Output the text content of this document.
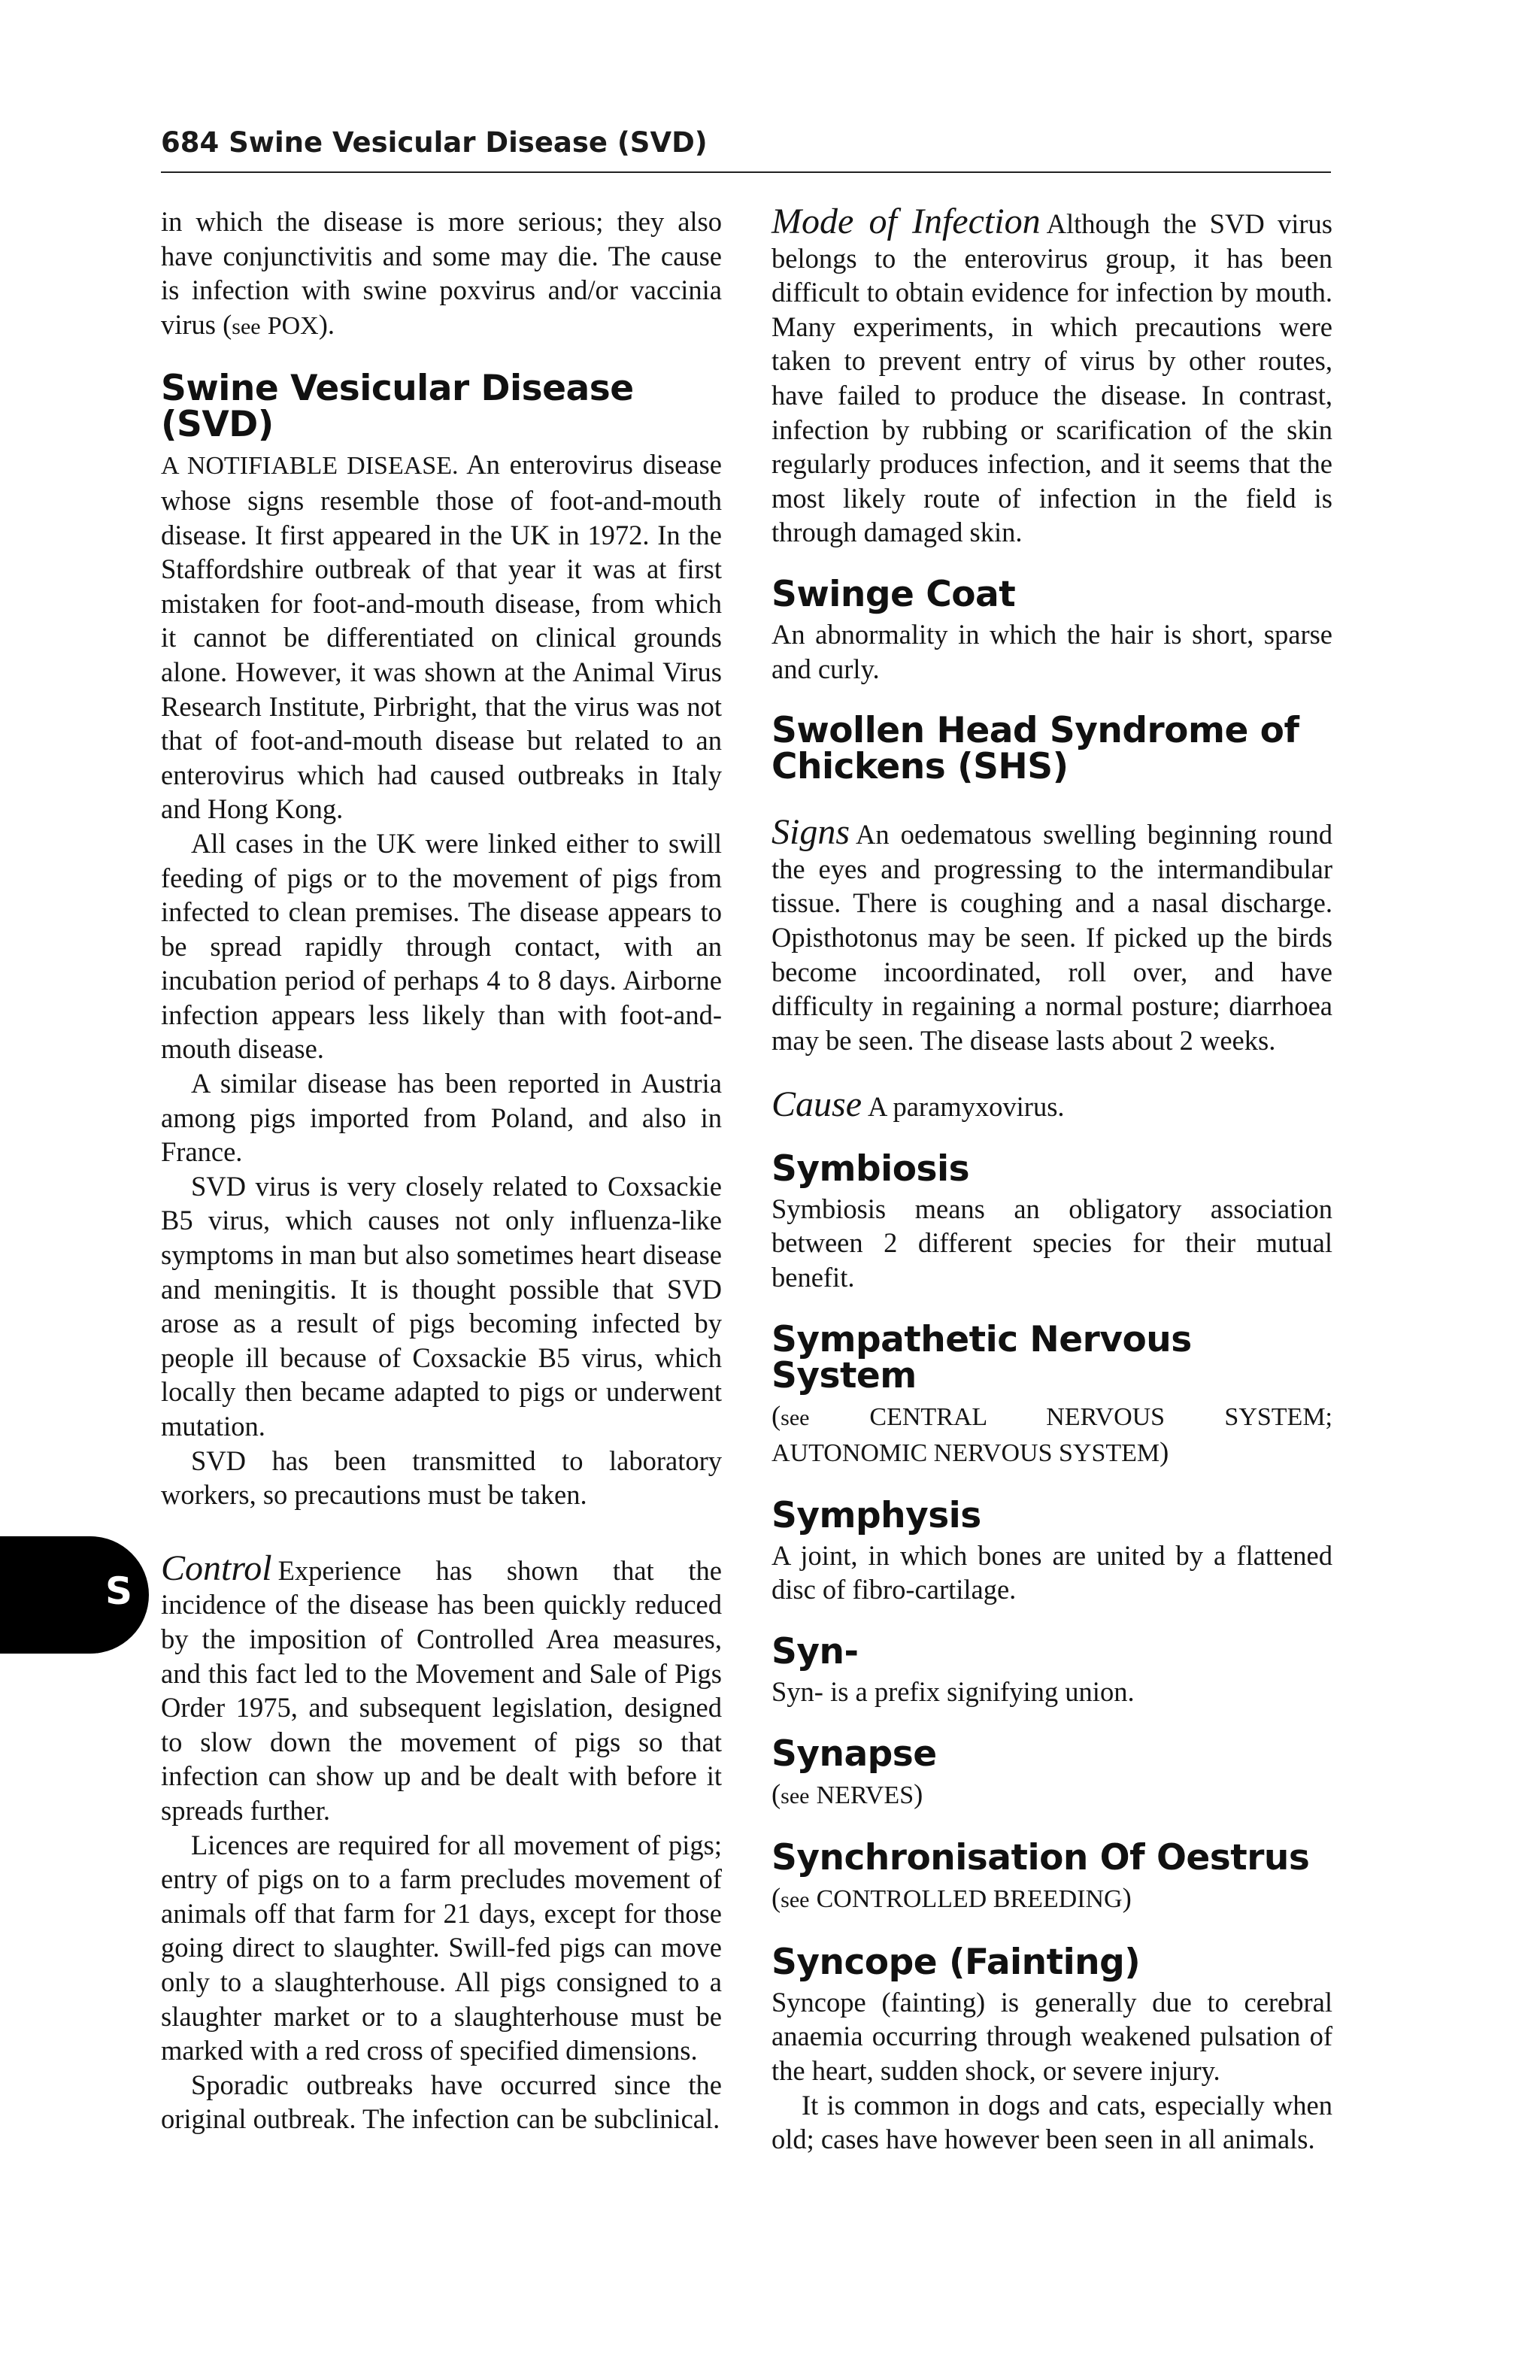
684 Swine Vesicular Disease (SVD)
S

in which the disease is more serious; they also have conjunctivitis and some may die. The cause is infection with swine poxvirus and/or vaccinia virus (see POX).

Swine Vesicular Disease (SVD)

A NOTIFIABLE DISEASE. An enterovirus disease whose signs resemble those of foot-and-mouth disease. It first appeared in the UK in 1972. In the Staffordshire outbreak of that year it was at first mistaken for foot-and-mouth disease, from which it cannot be differentiated on clinical grounds alone. However, it was shown at the Animal Virus Research Institute, Pirbright, that the virus was not that of foot-and-mouth disease but related to an enterovirus which had caused outbreaks in Italy and Hong Kong.

All cases in the UK were linked either to swill feeding of pigs or to the movement of pigs from infected to clean premises. The disease appears to be spread rapidly through contact, with an incubation period of perhaps 4 to 8 days. Airborne infection appears less likely than with foot-and-mouth disease.

A similar disease has been reported in Austria among pigs imported from Poland, and also in France.

SVD virus is very closely related to Coxsackie B5 virus, which causes not only influenza-like symptoms in man but also sometimes heart disease and meningitis. It is thought possible that SVD arose as a result of pigs becoming infected by people ill because of Coxsackie B5 virus, which locally then became adapted to pigs or underwent mutation.

SVD has been transmitted to laboratory workers, so precautions must be taken.

Control Experience has shown that the incidence of the disease has been quickly reduced by the imposition of Controlled Area measures, and this fact led to the Movement and Sale of Pigs Order 1975, and subsequent legislation, designed to slow down the movement of pigs so that infection can show up and be dealt with before it spreads further.

Licences are required for all movement of pigs; entry of pigs on to a farm precludes movement of animals off that farm for 21 days, except for those going direct to slaughter. Swill-fed pigs can move only to a slaughterhouse. All pigs consigned to a slaughter market or to a slaughterhouse must be marked with a red cross of specified dimensions.

Sporadic outbreaks have occurred since the original outbreak. The infection can be subclinical.

Mode of Infection Although the SVD virus belongs to the enterovirus group, it has been difficult to obtain evidence for infection by mouth. Many experiments, in which precautions were taken to prevent entry of virus by other routes, have failed to produce the disease. In contrast, infection by rubbing or scarification of the skin regularly produces infection, and it seems that the most likely route of infection in the field is through damaged skin.

Swinge Coat

An abnormality in which the hair is short, sparse and curly.

Swollen Head Syndrome of Chickens (SHS)

Signs An oedematous swelling beginning round the eyes and progressing to the intermandibular tissue. There is coughing and a nasal discharge. Opisthotonus may be seen. If picked up the birds become incoordinated, roll over, and have difficulty in regaining a normal posture; diarrhoea may be seen. The disease lasts about 2 weeks.

Cause A paramyxovirus.

Symbiosis

Symbiosis means an obligatory association between 2 different species for their mutual benefit.

Sympathetic Nervous System

(see CENTRAL NERVOUS SYSTEM; AUTONOMIC NERVOUS SYSTEM)

Symphysis

A joint, in which bones are united by a flattened disc of fibro-cartilage.

Syn-

Syn- is a prefix signifying union.

Synapse

(see NERVES)

Synchronisation Of Oestrus

(see CONTROLLED BREEDING)

Syncope (Fainting)

Syncope (fainting) is generally due to cerebral anaemia occurring through weakened pulsation of the heart, sudden shock, or severe injury.

It is common in dogs and cats, especially when old; cases have however been seen in all animals.
